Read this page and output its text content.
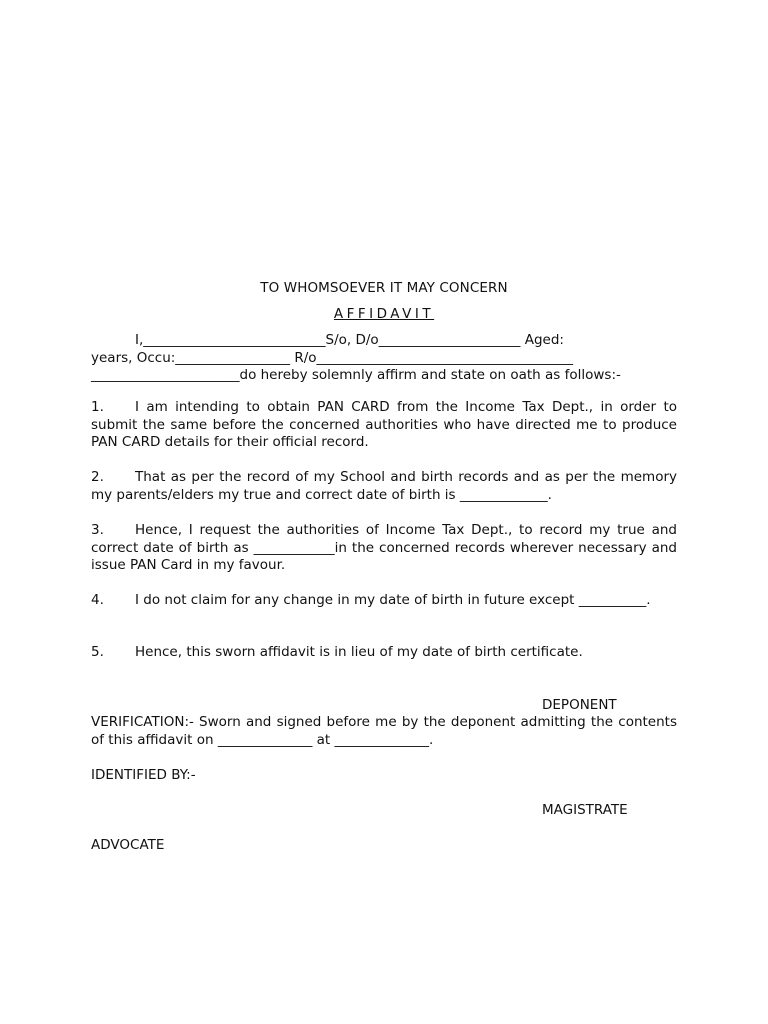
TO WHOMSOEVER IT MAY CONCERN
AFFIDAVIT
I,___________________________S/o, D/o_____________________ Aged:
years, Occu:_________________ R/o______________________________________
______________________do hereby solemnly affirm and state on oath as follows:-
1. I am intending to obtain PAN CARD from the Income Tax Dept., in order to submit the same before the concerned authorities who have directed me to produce PAN CARD details for their official record.
2. That as per the record of my School and birth records and as per the memory my parents/elders my true and correct date of birth is _____________.
3. Hence, I request the authorities of Income Tax Dept., to record my true and correct date of birth as ____________in the concerned records wherever necessary and issue PAN Card in my favour.
4. I do not claim for any change in my date of birth in future except __________.
5. Hence, this sworn affidavit is in lieu of my date of birth certificate.
DEPONENT
VERIFICATION:- Sworn and signed before me by the deponent admitting the contents of this affidavit on ______________ at ______________.
IDENTIFIED BY:-
MAGISTRATE
ADVOCATE
